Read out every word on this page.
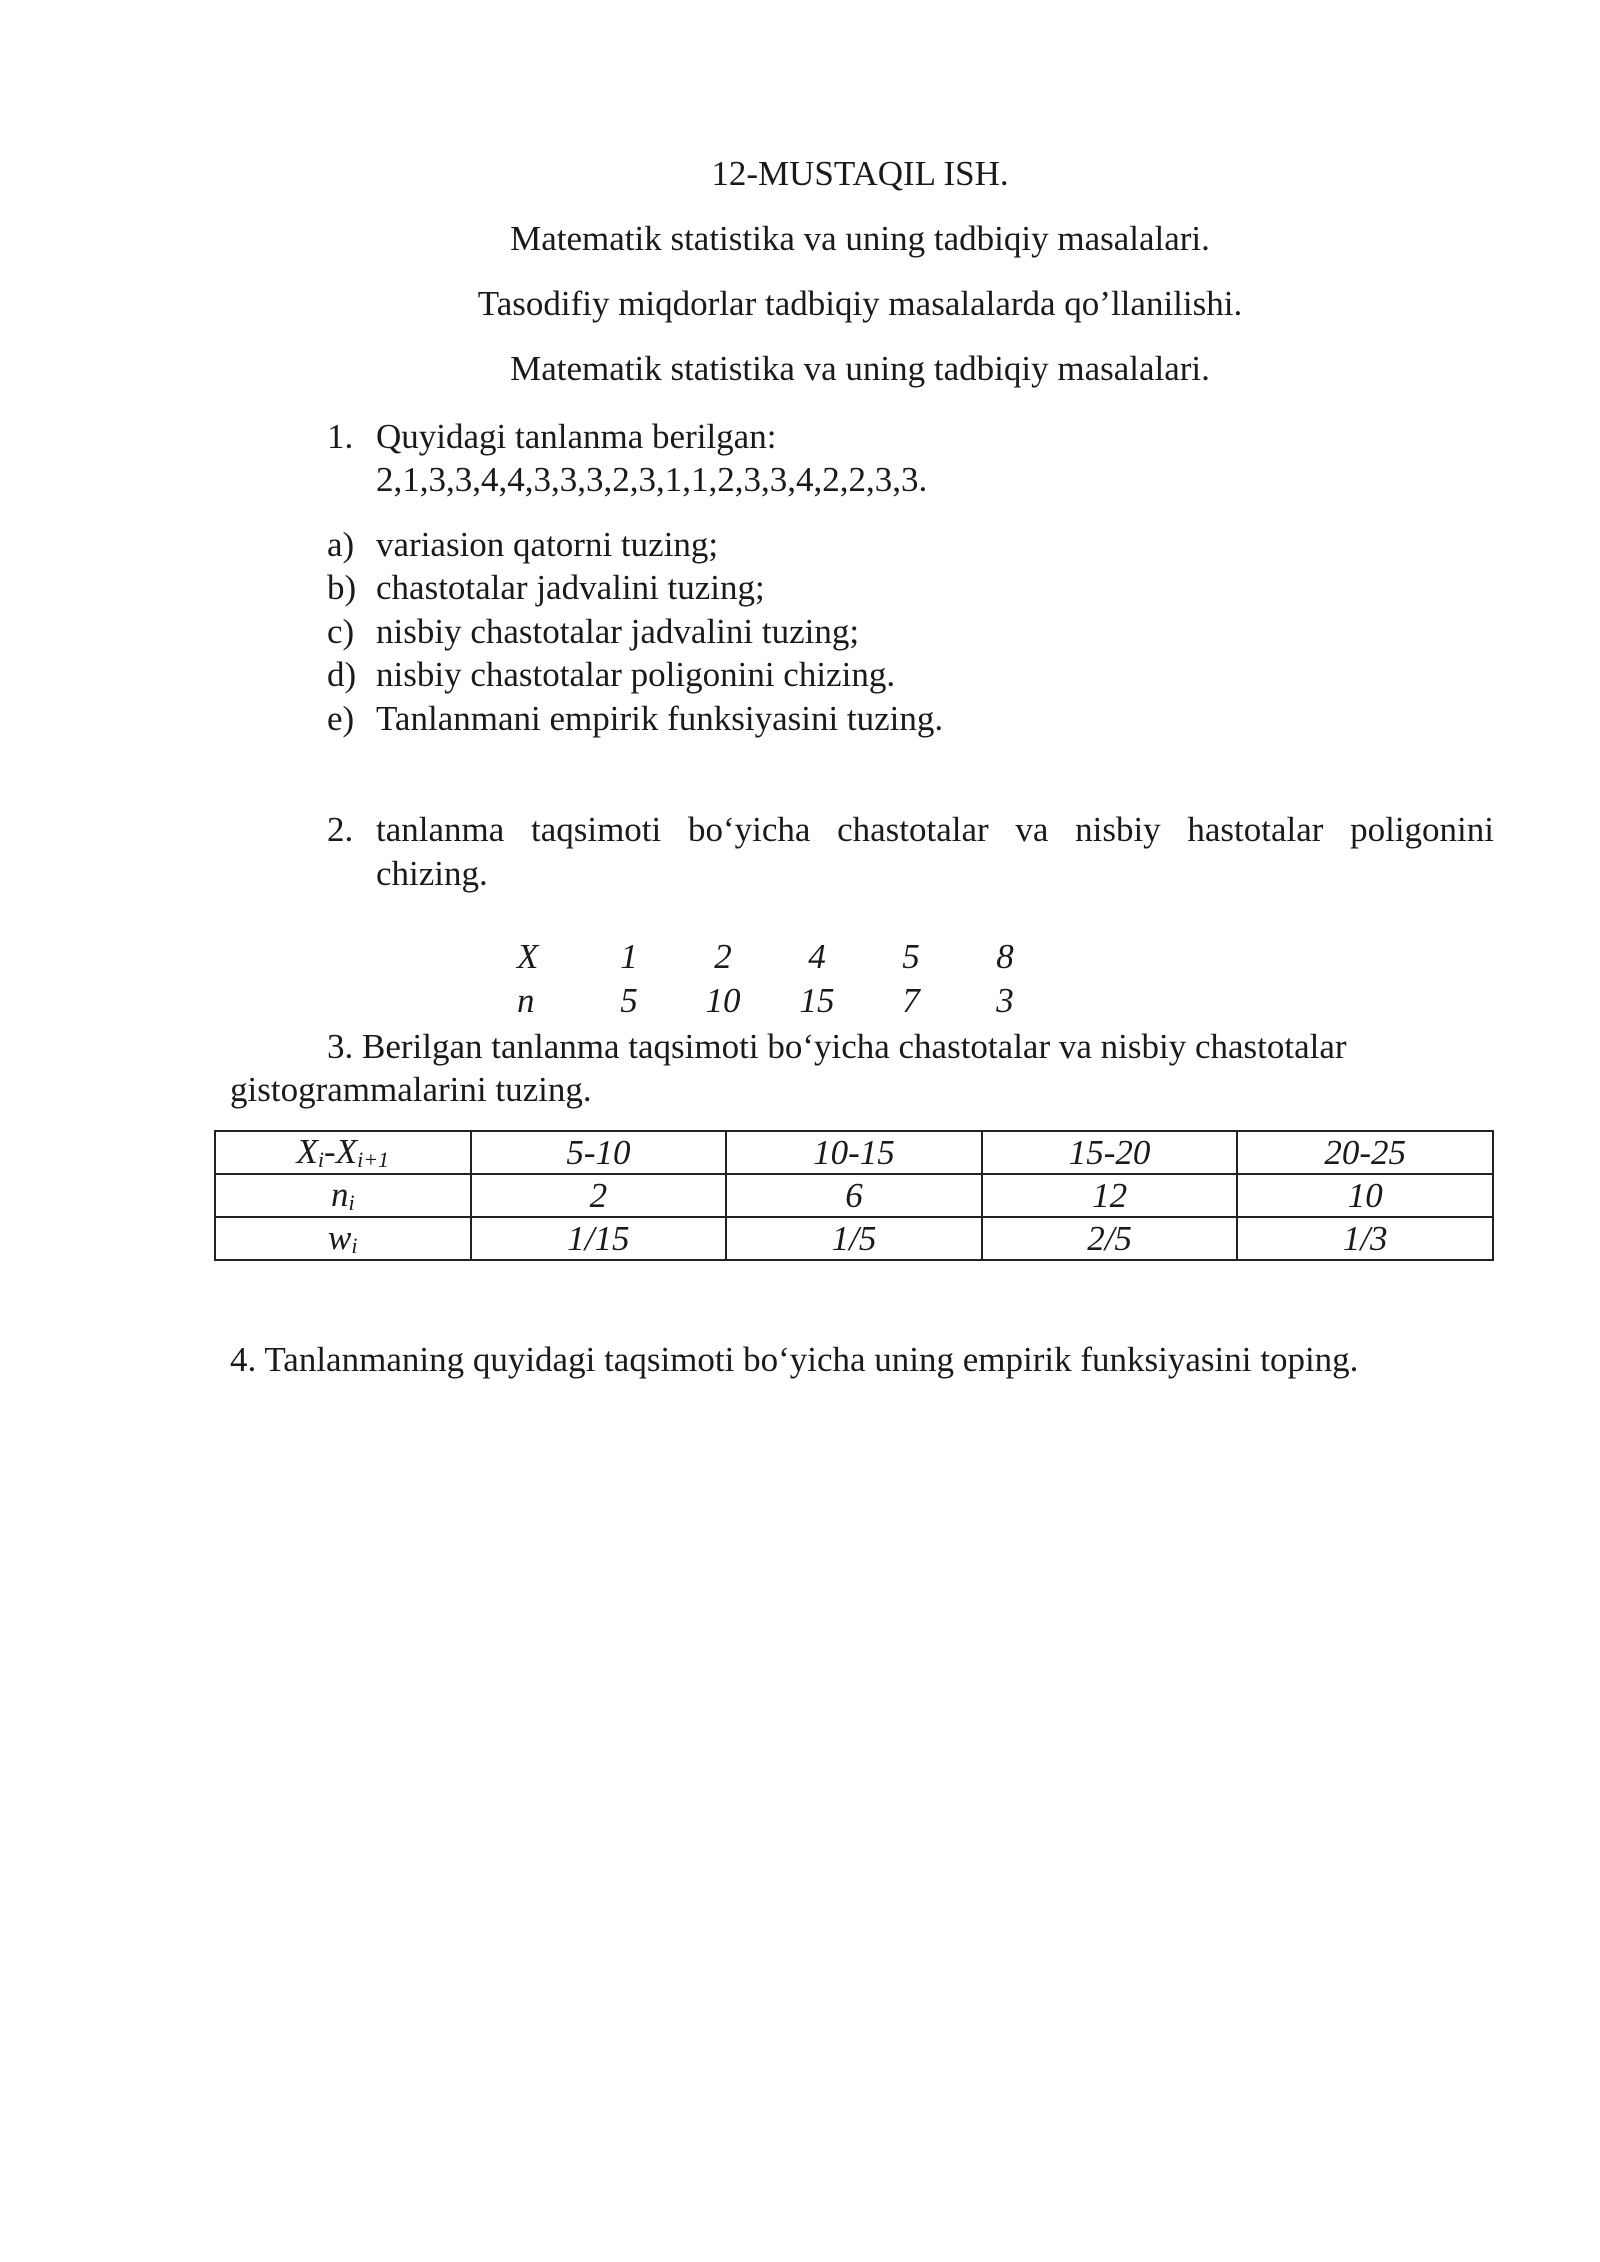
12-MUSTAQIL ISH.
Matematik statistika va uning tadbiqiy masalalari.
Tasodifiy miqdorlar tadbiqiy masalalarda qo’llanilishi.
Matematik statistika va uning tadbiqiy masalalari.
1. Quyidagi tanlanma berilgan:
2,1,3,3,4,4,3,3,3,2,3,1,1,2,3,3,4,2,2,3,3.
a) variasion qatorni tuzing;
b) chastotalar jadvalini tuzing;
c) nisbiy chastotalar jadvalini tuzing;
d) nisbiy chastotalar poligonini chizing.
e) Tanlanmani empirik funksiyasini tuzing.
2. tanlanma taqsimoti bo‘yicha chastotalar va nisbiy hastotalar poligonini
chizing.
X	1	2	4	5	8
n	5	10	15	7	3
3. Berilgan tanlanma taqsimoti bo‘yicha chastotalar va nisbiy chastotalar
gistogrammalarini tuzing.
Xi-Xi+1	5-10	10-15	15-20	20-25
ni	2	6	12	10
wi	1/15	1/5	2/5	1/3
4. Tanlanmaning quyidagi taqsimoti bo‘yicha uning empirik funksiyasini toping.
